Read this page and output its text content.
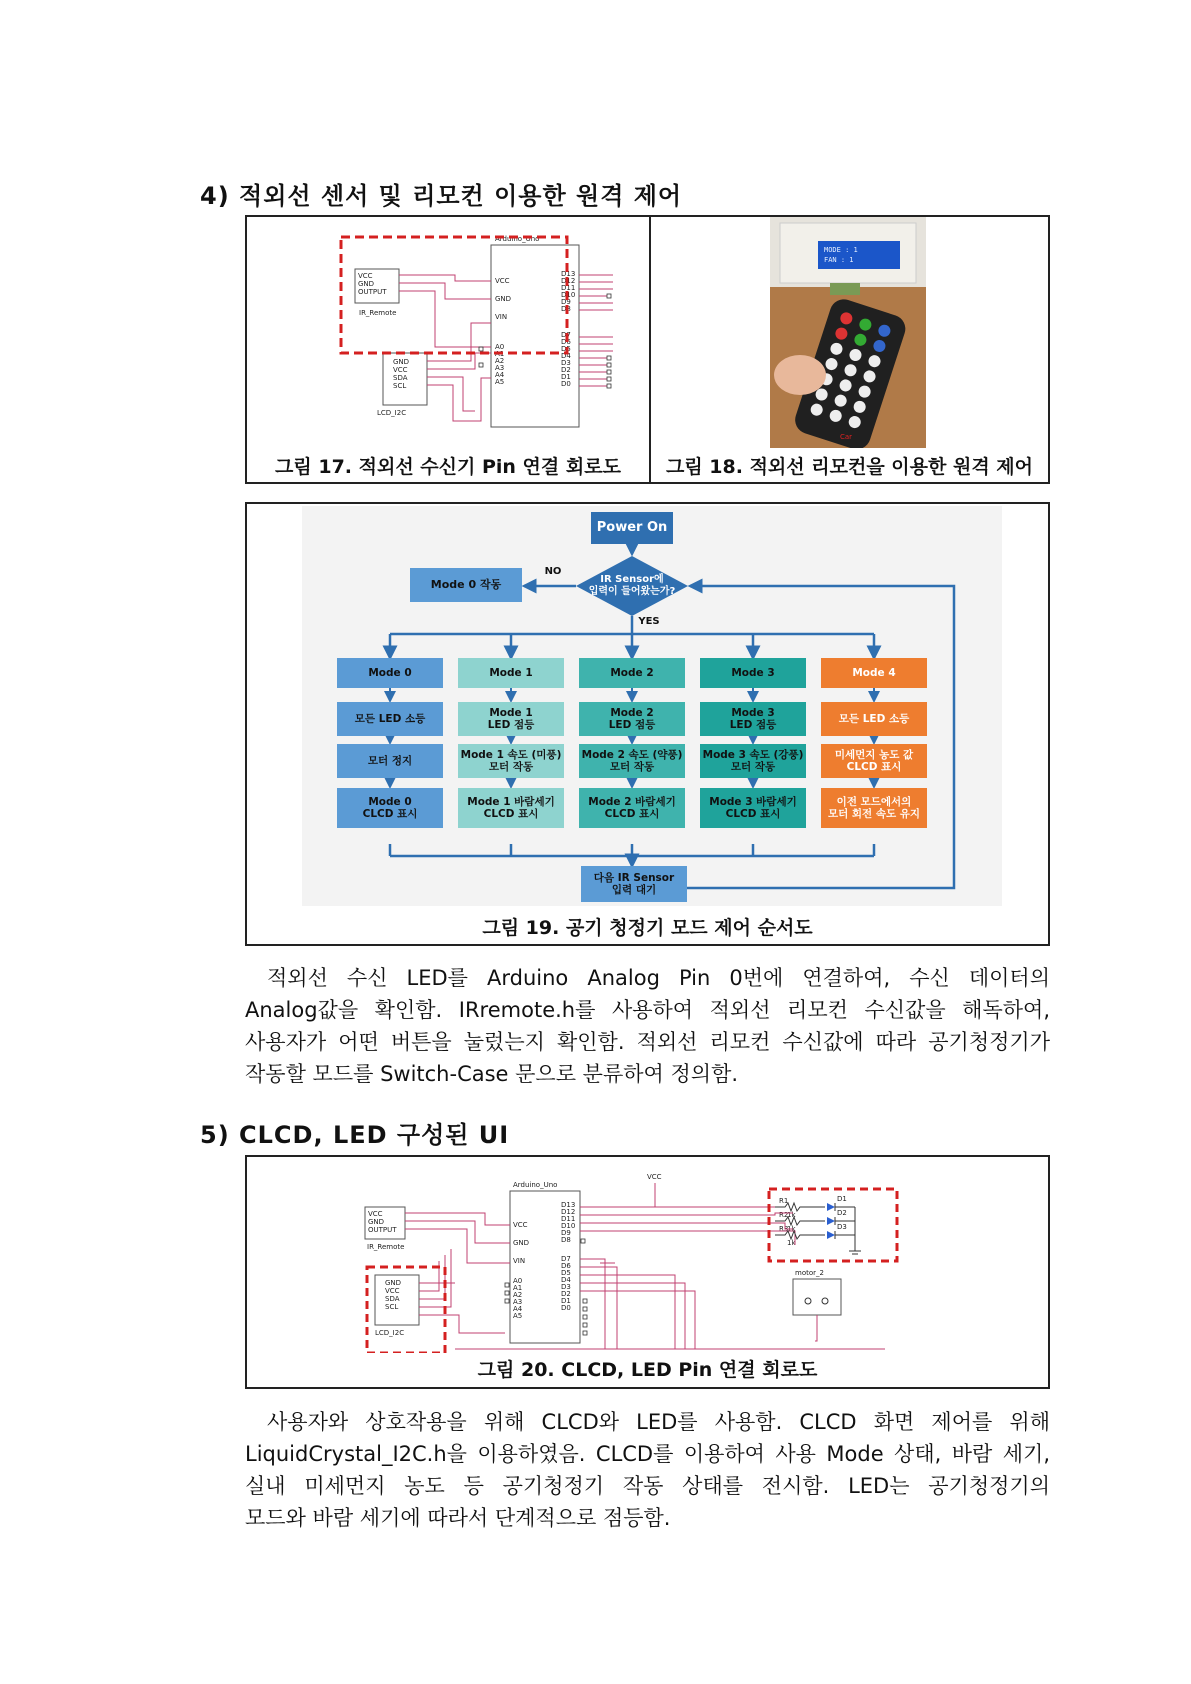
4) 적외선 센서 및 리모컨 이용한 원격 제어
Arduino_Uno
VCC
GND
OUTPUT
IR_Remote
GND
VCC
SDA
SCL
LCD_I2C
VCC
GND
VIN
A0
A1
A2
A3
A4
A5
D13
D12
D11
D10
D9
D8
D7
D6
D5
D4
D3
D2
D1
D0
그림 17. 적외선 수신기 Pin 연결 회로도
MODE : 1
FAN : 1
Car
그림 18. 적외선 리모컨을 이용한 원격 제어
Power On
IR Sensor에
입력이 들어왔는가?
NO
YES
Mode 0 작동
다음 IR Sensor
입력 대기
Mode 0
모든 LED 소등
모터 정지
Mode 0
CLCD 표시
Mode 1
Mode 1
LED 점등
Mode 1 속도 (미풍)
모터 작동
Mode 1 바람세기
CLCD 표시
Mode 2
Mode 2
LED 점등
Mode 2 속도 (약풍)
모터 작동
Mode 2 바람세기
CLCD 표시
Mode 3
Mode 3
LED 점등
Mode 3 속도 (강풍)
모터 작동
Mode 3 바람세기
CLCD 표시
Mode 4
모든 LED 소등
미세먼지 농도 값
CLCD 표시
이전 모드에서의
모터 회전 속도 유지
그림 19. 공기 청정기 모드 제어 순서도
적외선 수신 LED를 Arduino Analog Pin 0번에 연결하여, 수신 데이터의
Analog값을 확인함. IRremote.h를 사용하여 적외선 리모컨 수신값을 해독하여,
사용자가 어떤 버튼을 눌렀는지 확인함. 적외선 리모컨 수신값에 따라 공기청정기가
작동할 모드를 Switch-Case 문으로 분류하여 정의함.
5) CLCD, LED 구성된 UI
Arduino_Uno
VCC
VCC
GND
OUTPUT
IR_Remote
GND
VCC
SDA
SCL
LCD_I2C
VCC
GND
VIN
A0
A1
A2
A3
A4
A5
D13
D12
D11
D10
D9
D8
D7
D6
D5
D4
D3
D2
D1
D0
R1
R2
R3
1k
1k
1k
D1
D2
D3
motor_2
그림 20. CLCD, LED Pin 연결 회로도
사용자와 상호작용을 위해 CLCD와 LED를 사용함. CLCD 화면 제어를 위해
LiquidCrystal_I2C.h을 이용하였음. CLCD를 이용하여 사용 Mode 상태, 바람 세기,
실내 미세먼지 농도 등 공기청정기 작동 상태를 전시함. LED는 공기청정기의
모드와 바람 세기에 따라서 단계적으로 점등함.
